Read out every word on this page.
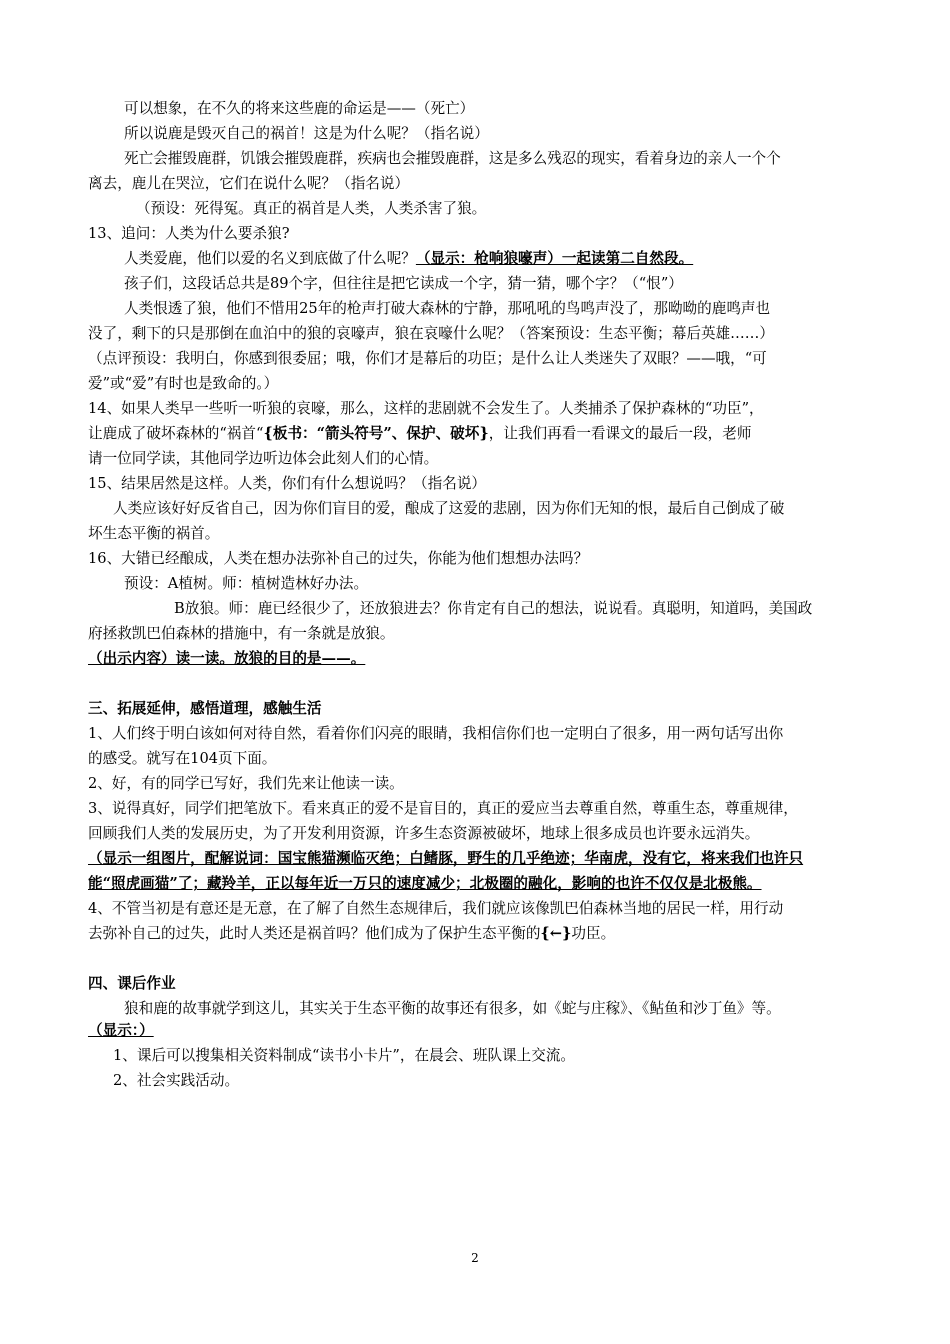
可以想象，在不久的将来这些鹿的命运是——（死亡）
所以说鹿是毁灭自己的祸首！这是为什么呢？（指名说）
死亡会摧毁鹿群，饥饿会摧毁鹿群，疾病也会摧毁鹿群，这是多么残忍的现实，看着身边的亲人一个个
离去，鹿儿在哭泣，它们在说什么呢？（指名说）
（预设：死得冤。真正的祸首是人类，人类杀害了狼。
13、追问：人类为什么要杀狼?
人类爱鹿，他们以爱的名义到底做了什么呢？（显示：枪响狼嚎声）一起读第二自然段。
孩子们，这段话总共是89个字，但往往是把它读成一个字，猜一猜，哪个字？（“恨”）
人类恨透了狼，他们不惜用25年的枪声打破大森林的宁静，那吼吼的鸟鸣声没了，那呦呦的鹿鸣声也
没了，剩下的只是那倒在血泊中的狼的哀嚎声，狼在哀嚎什么呢？（答案预设：生态平衡；幕后英雄……）
（点评预设：我明白，你感到很委屈；哦，你们才是幕后的功臣；是什么让人类迷失了双眼？——哦，“可
爱”或“爱”有时也是致命的。）
14、如果人类早一些听一听狼的哀嚎，那么，这样的悲剧就不会发生了。人类捕杀了保护森林的“功臣”，
让鹿成了破坏森林的“祸首“{板书：“箭头符号”、保护、破坏}，让我们再看一看课文的最后一段，老师
请一位同学读，其他同学边听边体会此刻人们的心情。
15、结果居然是这样。人类，你们有什么想说吗？（指名说）
人类应该好好反省自己，因为你们盲目的爱，酿成了这爱的悲剧，因为你们无知的恨，最后自己倒成了破
坏生态平衡的祸首。
16、大错已经酿成，人类在想办法弥补自己的过失，你能为他们想想办法吗？
预设：A植树。师：植树造林好办法。
B放狼。师：鹿已经很少了，还放狼进去？你肯定有自己的想法，说说看。真聪明，知道吗，美国政
府拯救凯巴伯森林的措施中，有一条就是放狼。
（出示内容）读一读。放狼的目的是——。
三、拓展延伸，感悟道理，感触生活
1、人们终于明白该如何对待自然，看着你们闪亮的眼睛，我相信你们也一定明白了很多，用一两句话写出你
的感受。就写在104页下面。
2、好，有的同学已写好，我们先来让他读一读。
3、说得真好，同学们把笔放下。看来真正的爱不是盲目的，真正的爱应当去尊重自然，尊重生态，尊重规律，
回顾我们人类的发展历史，为了开发利用资源，许多生态资源被破坏，地球上很多成员也许要永远消失。
（显示一组图片，配解说词：国宝熊猫濒临灭绝；白鳍豚，野生的几乎绝迹；华南虎，没有它，将来我们也许只
能“照虎画猫”了；藏羚羊，正以每年近一万只的速度减少；北极圈的融化，影响的也许不仅仅是北极熊。
4、不管当初是有意还是无意，在了解了自然生态规律后，我们就应该像凯巴伯森林当地的居民一样，用行动
去弥补自己的过失，此时人类还是祸首吗？他们成为了保护生态平衡的{←}功臣。
四、课后作业
狼和鹿的故事就学到这儿，其实关于生态平衡的故事还有很多，如《蛇与庄稼》、《鲇鱼和沙丁鱼》等。
（显示：）
1、课后可以搜集相关资料制成“读书小卡片”，在晨会、班队课上交流。
2、社会实践活动。
2
